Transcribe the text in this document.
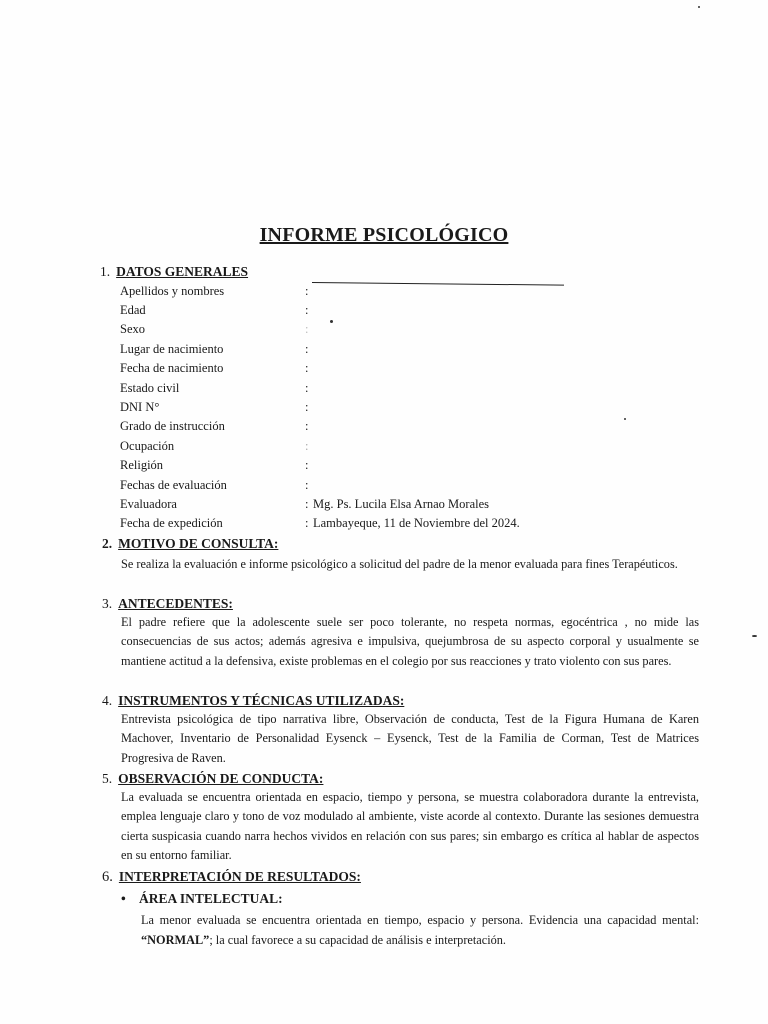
INFORME PSICOLÓGICO
1. DATOS GENERALES
Apellidos y nombres	:
Edad	:
Sexo	:
Lugar de nacimiento	:
Fecha de nacimiento	:
Estado civil	:
DNI N°	:
Grado de instrucción	:
Ocupación	:
Religión	:
Fechas de evaluación	:
Evaluadora	: Mg. Ps. Lucila Elsa Arnao Morales
Fecha de expedición	: Lambayeque, 11 de Noviembre del 2024.
2. MOTIVO DE CONSULTA:

Se realiza la evaluación e informe psicológico a solicitud del padre de la menor evaluada para fines Terapéuticos.

3. ANTECEDENTES:

El padre refiere que la adolescente suele ser poco tolerante, no respeta normas, egocéntrica , no mide las consecuencias de sus actos; además agresiva e impulsiva, quejumbrosa de su aspecto corporal y usualmente se mantiene actitud a la defensiva, existe problemas en el colegio por sus reacciones y trato violento con sus pares.

4. INSTRUMENTOS Y TÉCNICAS UTILIZADAS:

Entrevista psicológica de tipo narrativa libre, Observación de conducta, Test de la Figura Humana de Karen Machover, Inventario de Personalidad Eysenck – Eysenck, Test de la Familia de Corman, Test de Matrices Progresiva de Raven.

5. OBSERVACIÓN DE CONDUCTA:

La evaluada se encuentra orientada en espacio, tiempo y persona, se muestra colaboradora durante la entrevista, emplea lenguaje claro y tono de voz modulado al ambiente, viste acorde al contexto. Durante las sesiones demuestra cierta suspicasia cuando narra hechos vividos en relación con sus pares; sin embargo es crítica al hablar de aspectos en su entorno familiar.

6. INTERPRETACIÓN DE RESULTADOS:
• ÁREA INTELECTUAL:

La menor evaluada se encuentra orientada en tiempo, espacio y persona. Evidencia una capacidad mental: “NORMAL”; la cual favorece a su capacidad de análisis e interpretación.
